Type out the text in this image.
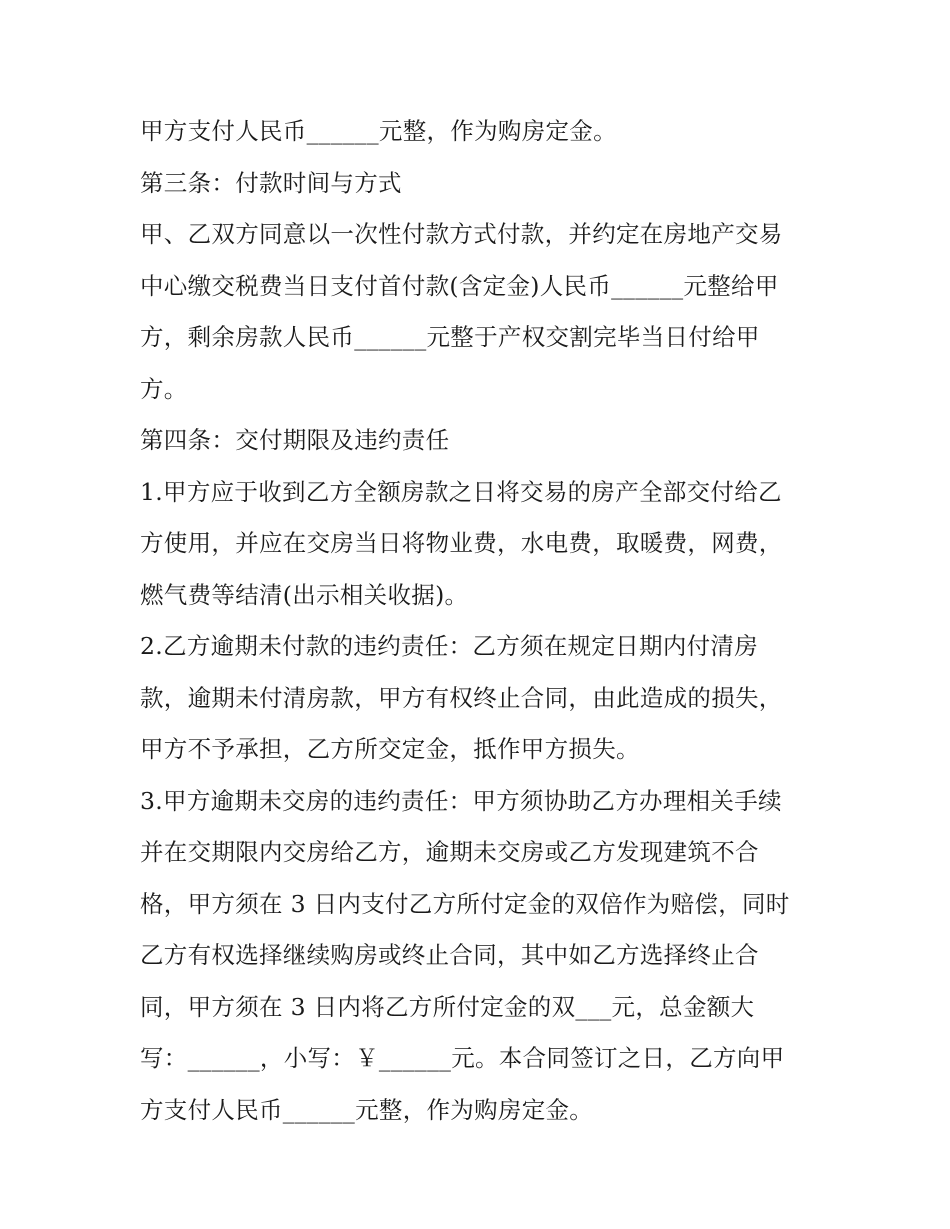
甲方支付人民币______元整，作为购房定金。
第三条：付款时间与方式
甲、乙双方同意以一次性付款方式付款，并约定在房地产交易
中心缴交税费当日支付首付款(含定金)人民币______元整给甲
方，剩余房款人民币______元整于产权交割完毕当日付给甲
方。
第四条：交付期限及违约责任
1.甲方应于收到乙方全额房款之日将交易的房产全部交付给乙
方使用，并应在交房当日将物业费，水电费，取暖费，网费，
燃气费等结清(出示相关收据)。
2.乙方逾期未付款的违约责任：乙方须在规定日期内付清房
款，逾期未付清房款，甲方有权终止合同，由此造成的损失，
甲方不予承担，乙方所交定金，抵作甲方损失。
3.甲方逾期未交房的违约责任：甲方须协助乙方办理相关手续
并在交期限内交房给乙方，逾期未交房或乙方发现建筑不合
格，甲方须在 3 日内支付乙方所付定金的双倍作为赔偿，同时
乙方有权选择继续购房或终止合同，其中如乙方选择终止合
同，甲方须在 3 日内将乙方所付定金的双___元，总金额大
写：______，小写：￥______元。本合同签订之日，乙方向甲
方支付人民币______元整，作为购房定金。
